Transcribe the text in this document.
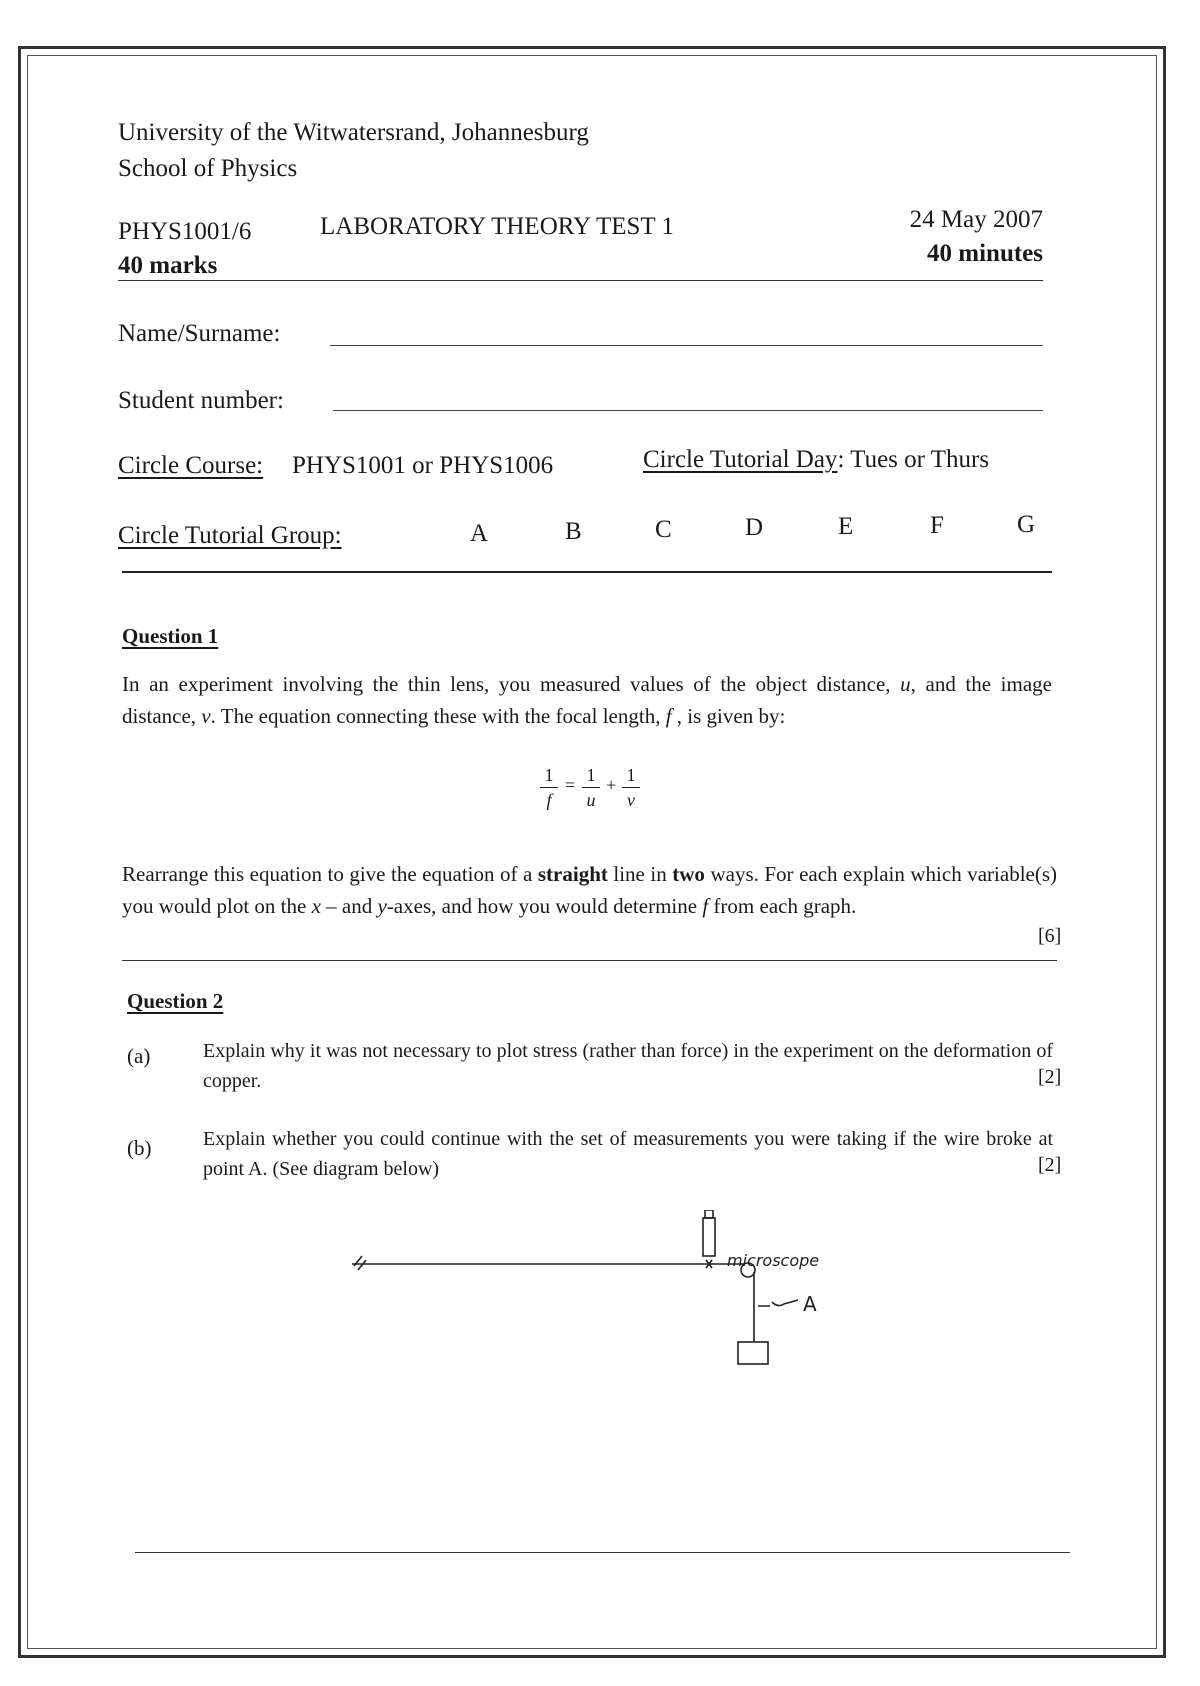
University of the Witwatersrand, Johannesburg
School of Physics
PHYS1001/6	LABORATORY THEORY TEST 1	24 May 2007
40 marks	40 minutes
Name/Surname:
Student number:
Circle Course: PHYS1001 or PHYS1006	Circle Tutorial Day: Tues or Thurs
Circle Tutorial Group:	A	B	C	D	E	F	G
Question 1
In an experiment involving the thin lens, you measured values of the object distance, u, and the image distance, v. The equation connecting these with the focal length, f , is given by:
$\frac{1}{f} = \frac{1}{u} + \frac{1}{v}$
Rearrange this equation to give the equation of a straight line in two ways. For each explain which variable(s) you would plot on the x – and y-axes, and how you would determine f from each graph.
[6]
Question 2
(a)	Explain why it was not necessary to plot stress (rather than force) in the experiment on the deformation of copper.	[2]
(b)	Explain whether you could continue with the set of measurements you were taking if the wire broke at point A. (See diagram below)	[2]
microscope
A
